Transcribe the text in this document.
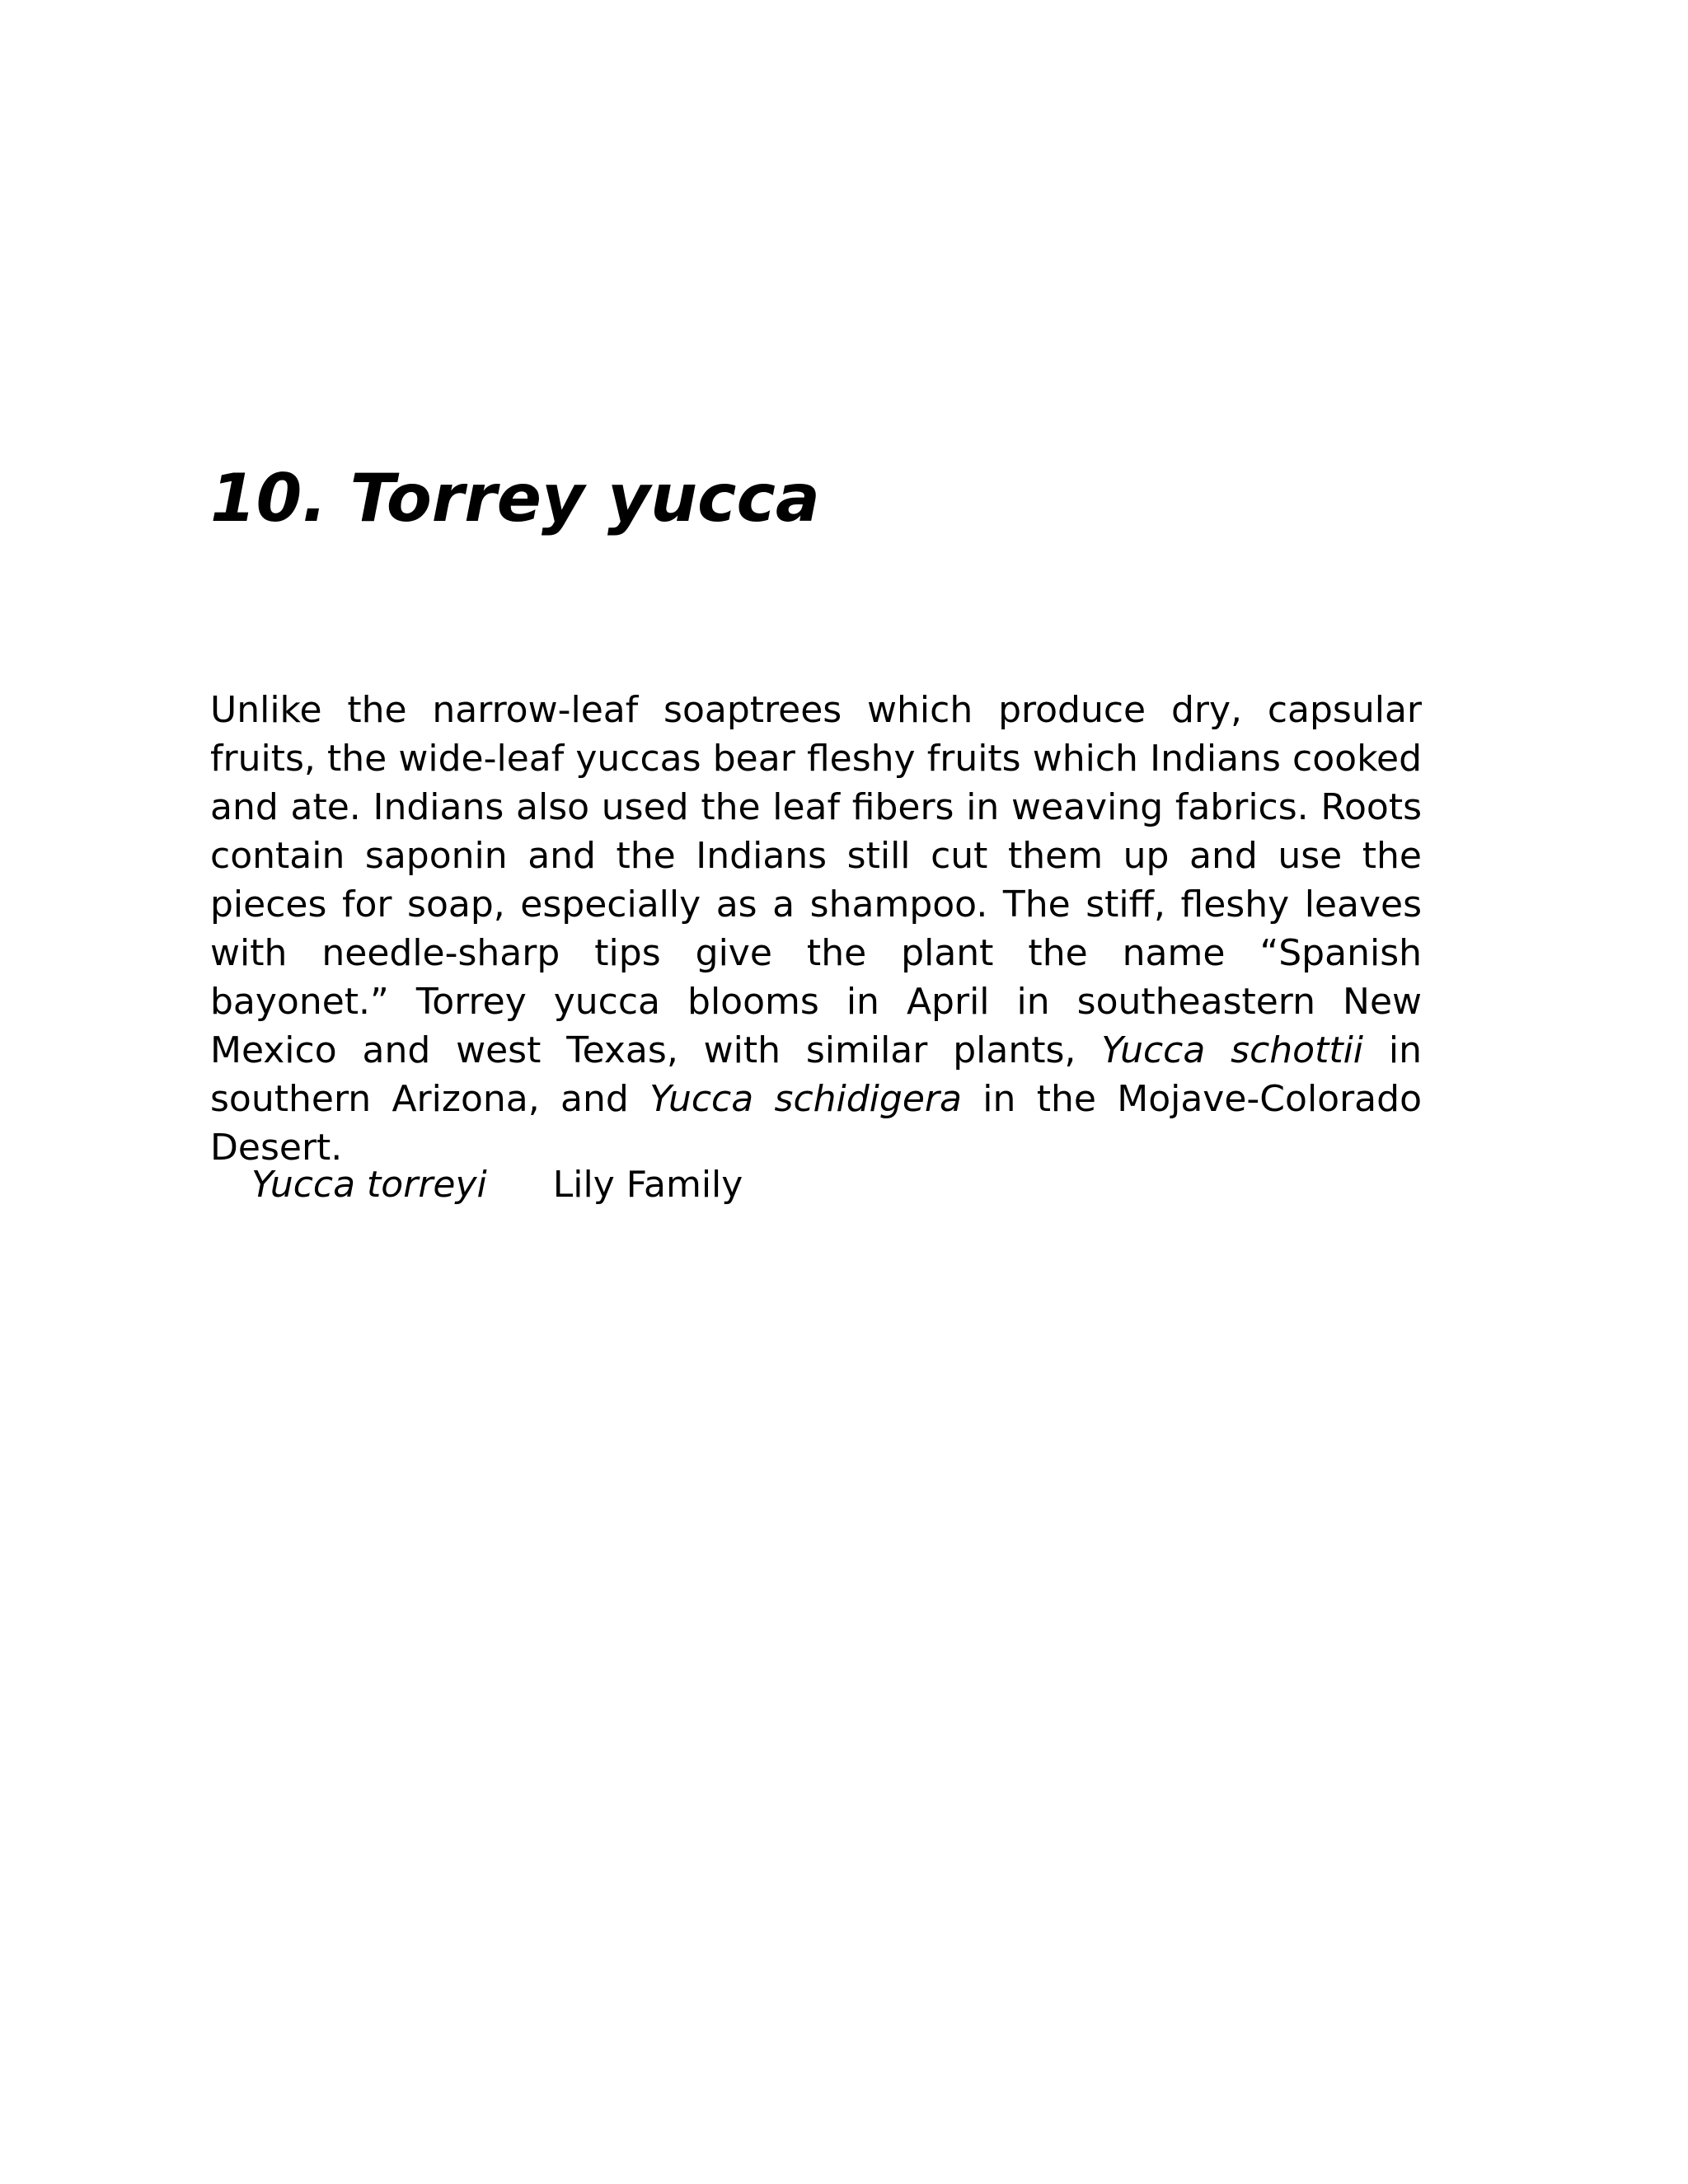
10. Torrey yucca

Unlike the narrow-leaf soaptrees which produce dry, capsular fruits, the wide-leaf yuccas bear fleshy fruits which Indians cooked and ate. Indians also used the leaf fibers in weaving fabrics. Roots contain saponin and the Indians still cut them up and use the pieces for soap, especially as a shampoo. The stiff, fleshy leaves with needle-sharp tips give the plant the name “Spanish bayonet.” Torrey yucca blooms in April in southeastern New Mexico and west Texas, with similar plants, Yucca schottii in southern Arizona, and Yucca schidigera in the Mojave-Colorado Desert.

Yucca torreyi Lily Family
